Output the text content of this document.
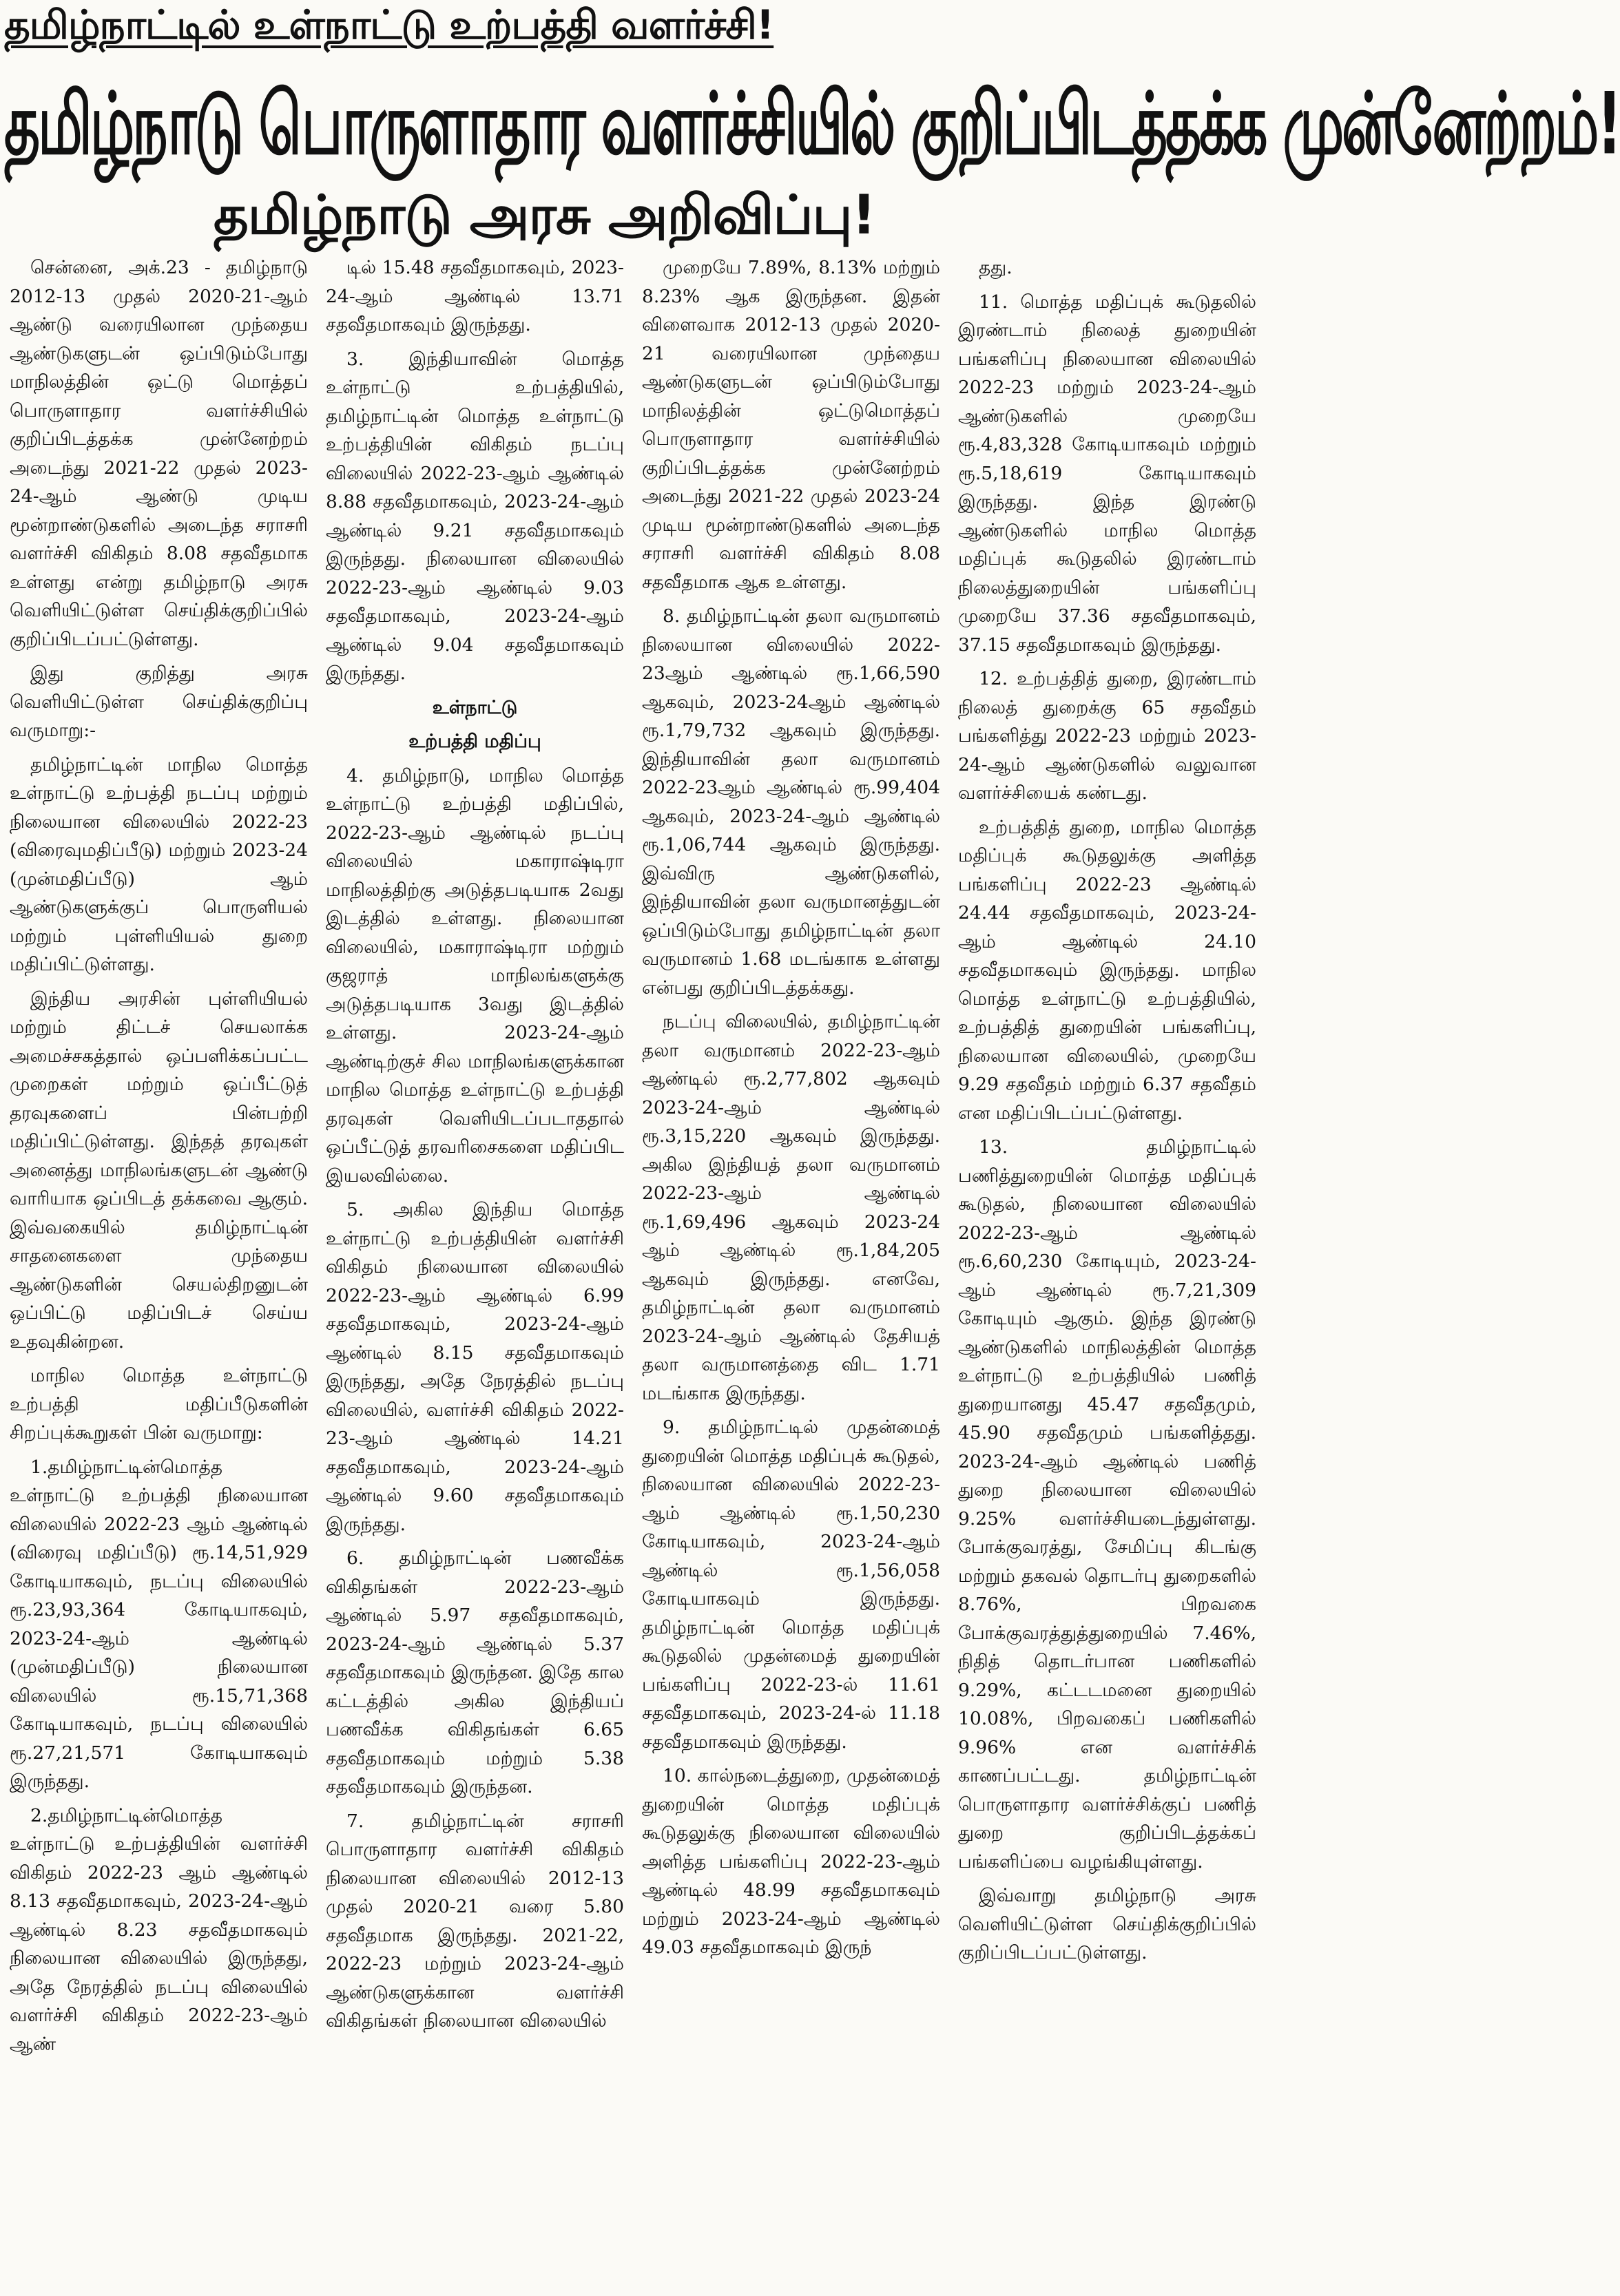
தமிழ்நாட்டில் உள்நாட்டு உற்பத்தி வளர்ச்சி!
தமிழ்நாடு பொருளாதார வளர்ச்சியில் குறிப்பிடத்தக்க முன்னேற்றம்!
தமிழ்நாடு அரசு அறிவிப்பு!

சென்னை, அக்.23 - தமிழ்நாடு 2012-13 முதல் 2020-21-ஆம் ஆண்டு வரையிலான முந்தைய ஆண்டுகளுடன் ஒப்பிடும்போது மாநிலத்தின் ஒட்டு மொத்தப் பொருளாதார வளர்ச்சியில் குறிப்பிடத்தக்க முன்னேற்றம் அடைந்து 2021-22 முதல் 2023-24-ஆம் ஆண்டு முடிய மூன்றாண்டுகளில் அடைந்த சராசரி வளர்ச்சி விகிதம் 8.08 சதவீதமாக உள்ளது என்று தமிழ்நாடு அரசு வெளியிட்டுள்ள செய்திக்குறிப்பில் குறிப்பிடப்பட்டுள்ளது.

இது குறித்து அரசு வெளியிட்டுள்ள செய்திக்குறிப்பு வருமாறு:-

தமிழ்நாட்டின் மாநில மொத்த உள்நாட்டு உற்பத்தி நடப்பு மற்றும் நிலையான விலையில் 2022-23 (விரைவுமதிப்பீடு) மற்றும் 2023-24 (முன்மதிப்பீடு) ஆம் ஆண்டுகளுக்குப் பொருளியல் மற்றும் புள்ளியியல் துறை மதிப்பிட்டுள்ளது.

இந்திய அரசின் புள்ளியியல் மற்றும் திட்டச் செயலாக்க அமைச்சகத்தால் ஒப்பளிக்கப்பட்ட முறைகள் மற்றும் ஒப்பீட்டுத் தரவுகளைப் பின்பற்றி மதிப்பிட்டுள்ளது. இந்தத் தரவுகள் அனைத்து மாநிலங்களுடன் ஆண்டு வாரியாக ஒப்பிடத் தக்கவை ஆகும். இவ்வகையில் தமிழ்நாட்டின் சாதனைகளை முந்தைய ஆண்டுகளின் செயல்திறனுடன் ஒப்பிட்டு மதிப்பிடச் செய்ய உதவுகின்றன.

மாநில மொத்த உள்நாட்டு உற்பத்தி மதிப்பீடுகளின் சிறப்புக்கூறுகள் பின் வருமாறு:

1.தமிழ்நாட்டின்மொத்த உள்நாட்டு உற்பத்தி நிலையான விலையில் 2022-23 ஆம் ஆண்டில் (விரைவு மதிப்பீடு) ரூ.14,51,929 கோடியாகவும், நடப்பு விலையில் ரூ.23,93,364 கோடியாகவும், 2023-24-ஆம் ஆண்டில் (முன்மதிப்பீடு) நிலையான விலையில் ரூ.15,71,368 கோடியாகவும், நடப்பு விலையில் ரூ.27,21,571 கோடியாகவும் இருந்தது.

2.தமிழ்நாட்டின்மொத்த உள்நாட்டு உற்பத்தியின் வளர்ச்சி விகிதம் 2022-23 ஆம் ஆண்டில் 8.13 சதவீதமாகவும், 2023-24-ஆம் ஆண்டில் 8.23 சதவீதமாகவும் நிலையான விலையில் இருந்தது, அதே நேரத்தில் நடப்பு விலையில் வளர்ச்சி விகிதம் 2022-23-ஆம் ஆண்

டில் 15.48 சதவீதமாகவும், 2023-24-ஆம் ஆண்டில் 13.71 சதவீதமாகவும் இருந்தது.

3. இந்தியாவின் மொத்த உள்நாட்டு உற்பத்தியில், தமிழ்நாட்டின் மொத்த உள்நாட்டு உற்பத்தியின் விகிதம் நடப்பு விலையில் 2022-23-ஆம் ஆண்டில் 8.88 சதவீதமாகவும், 2023-24-ஆம் ஆண்டில் 9.21 சதவீதமாகவும் இருந்தது. நிலையான விலையில் 2022-23-ஆம் ஆண்டில் 9.03 சதவீதமாகவும், 2023-24-ஆம் ஆண்டில் 9.04 சதவீதமாகவும் இருந்தது.

உள்நாட்டு

உற்பத்தி மதிப்பு

4. தமிழ்நாடு, மாநில மொத்த உள்நாட்டு உற்பத்தி மதிப்பில், 2022-23-ஆம் ஆண்டில் நடப்பு விலையில் மகாராஷ்டிரா மாநிலத்திற்கு அடுத்தபடியாக 2வது இடத்தில் உள்ளது. நிலையான விலையில், மகாராஷ்டிரா மற்றும் குஜராத் மாநிலங்களுக்கு அடுத்தபடியாக 3வது இடத்தில் உள்ளது. 2023-24-ஆம் ஆண்டிற்குச் சில மாநிலங்களுக்கான மாநில மொத்த உள்நாட்டு உற்பத்தி தரவுகள் வெளியிடப்படாததால் ஒப்பீட்டுத் தரவரிசைகளை மதிப்பிட இயலவில்லை.

5. அகில இந்திய மொத்த உள்நாட்டு உற்பத்தியின் வளர்ச்சி விகிதம் நிலையான விலையில் 2022-23-ஆம் ஆண்டில் 6.99 சதவீதமாகவும், 2023-24-ஆம் ஆண்டில் 8.15 சதவீதமாகவும் இருந்தது, அதே நேரத்தில் நடப்பு விலையில், வளர்ச்சி விகிதம் 2022-23-ஆம் ஆண்டில் 14.21 சதவீதமாகவும், 2023-24-ஆம் ஆண்டில் 9.60 சதவீதமாகவும் இருந்தது.

6. தமிழ்நாட்டின் பணவீக்க விகிதங்கள் 2022-23-ஆம் ஆண்டில் 5.97 சதவீதமாகவும், 2023-24-ஆம் ஆண்டில் 5.37 சதவீதமாகவும் இருந்தன. இதே கால கட்டத்தில் அகில இந்தியப் பணவீக்க விகிதங்கள் 6.65 சதவீதமாகவும் மற்றும் 5.38 சதவீதமாகவும் இருந்தன.

7. தமிழ்நாட்டின் சராசரி பொருளாதார வளர்ச்சி விகிதம் நிலையான விலையில் 2012-13 முதல் 2020-21 வரை 5.80 சதவீதமாக இருந்தது. 2021-22, 2022-23 மற்றும் 2023-24-ஆம் ஆண்டுகளுக்கான வளர்ச்சி விகிதங்கள் நிலையான விலையில்

முறையே 7.89%, 8.13% மற்றும் 8.23% ஆக இருந்தன. இதன் விளைவாக 2012-13 முதல் 2020-21 வரையிலான முந்தைய ஆண்டுகளுடன் ஒப்பிடும்போது மாநிலத்தின் ஒட்டுமொத்தப் பொருளாதார வளர்ச்சியில் குறிப்பிடத்தக்க முன்னேற்றம் அடைந்து 2021-22 முதல் 2023-24 முடிய மூன்றாண்டுகளில் அடைந்த சராசரி வளர்ச்சி விகிதம் 8.08 சதவீதமாக ஆக உள்ளது.

8. தமிழ்நாட்டின் தலா வருமானம் நிலையான விலையில் 2022-23ஆம் ஆண்டில் ரூ.1,66,590 ஆகவும், 2023-24ஆம் ஆண்டில் ரூ.1,79,732 ஆகவும் இருந்தது. இந்தியாவின் தலா வருமானம் 2022-23ஆம் ஆண்டில் ரூ.99,404 ஆகவும், 2023-24-ஆம் ஆண்டில் ரூ.1,06,744 ஆகவும் இருந்தது. இவ்விரு ஆண்டுகளில், இந்தியாவின் தலா வருமானத்துடன் ஒப்பிடும்போது தமிழ்நாட்டின் தலா வருமானம் 1.68 மடங்காக உள்ளது என்பது குறிப்பிடத்தக்கது.

நடப்பு விலையில், தமிழ்நாட்டின் தலா வருமானம் 2022-23-ஆம் ஆண்டில் ரூ.2,77,802 ஆகவும் 2023-24-ஆம் ஆண்டில் ரூ.3,15,220 ஆகவும் இருந்தது. அகில இந்தியத் தலா வருமானம் 2022-23-ஆம் ஆண்டில் ரூ.1,69,496 ஆகவும் 2023-24 ஆம் ஆண்டில் ரூ.1,84,205 ஆகவும் இருந்தது. எனவே, தமிழ்நாட்டின் தலா வருமானம் 2023-24-ஆம் ஆண்டில் தேசியத் தலா வருமானத்தை விட 1.71 மடங்காக இருந்தது.

9. தமிழ்நாட்டில் முதன்மைத் துறையின் மொத்த மதிப்புக் கூடுதல், நிலையான விலையில் 2022-23-ஆம் ஆண்டில் ரூ.1,50,230 கோடியாகவும், 2023-24-ஆம் ஆண்டில் ரூ.1,56,058 கோடியாகவும் இருந்தது. தமிழ்நாட்டின் மொத்த மதிப்புக் கூடுதலில் முதன்மைத் துறையின் பங்களிப்பு 2022-23-ல் 11.61 சதவீதமாகவும், 2023-24-ல் 11.18 சதவீதமாகவும் இருந்தது.

10. கால்நடைத்துறை, முதன்மைத் துறையின் மொத்த மதிப்புக் கூடுதலுக்கு நிலையான விலையில் அளித்த பங்களிப்பு 2022-23-ஆம் ஆண்டில் 48.99 சதவீதமாகவும் மற்றும் 2023-24-ஆம் ஆண்டில் 49.03 சதவீதமாகவும் இருந்

தது.

11. மொத்த மதிப்புக் கூடுதலில் இரண்டாம் நிலைத் துறையின் பங்களிப்பு நிலையான விலையில் 2022-23 மற்றும் 2023-24-ஆம் ஆண்டுகளில் முறையே ரூ.4,83,328 கோடியாகவும் மற்றும் ரூ.5,18,619 கோடியாகவும் இருந்தது. இந்த இரண்டு ஆண்டுகளில் மாநில மொத்த மதிப்புக் கூடுதலில் இரண்டாம் நிலைத்துறையின் பங்களிப்பு முறையே 37.36 சதவீதமாகவும், 37.15 சதவீதமாகவும் இருந்தது.

12. உற்பத்தித் துறை, இரண்டாம் நிலைத் துறைக்கு 65 சதவீதம் பங்களித்து 2022-23 மற்றும் 2023-24-ஆம் ஆண்டுகளில் வலுவான வளர்ச்சியைக் கண்டது.

உற்பத்தித் துறை, மாநில மொத்த மதிப்புக் கூடுதலுக்கு அளித்த பங்களிப்பு 2022-23 ஆண்டில் 24.44 சதவீதமாகவும், 2023-24-ஆம் ஆண்டில் 24.10 சதவீதமாகவும் இருந்தது. மாநில மொத்த உள்நாட்டு உற்பத்தியில், உற்பத்தித் துறையின் பங்களிப்பு, நிலையான விலையில், முறையே 9.29 சதவீதம் மற்றும் 6.37 சதவீதம் என மதிப்பிடப்பட்டுள்ளது.

13. தமிழ்நாட்டில் பணித்துறையின் மொத்த மதிப்புக் கூடுதல், நிலையான விலையில் 2022-23-ஆம் ஆண்டில் ரூ.6,60,230 கோடியும், 2023-24-ஆம் ஆண்டில் ரூ.7,21,309 கோடியும் ஆகும். இந்த இரண்டு ஆண்டுகளில் மாநிலத்தின் மொத்த உள்நாட்டு உற்பத்தியில் பணித் துறையானது 45.47 சதவீதமும், 45.90 சதவீதமும் பங்களித்தது. 2023-24-ஆம் ஆண்டில் பணித் துறை நிலையான விலையில் 9.25% வளர்ச்சியடைந்துள்ளது. போக்குவரத்து, சேமிப்பு கிடங்கு மற்றும் தகவல் தொடர்பு துறைகளில் 8.76%, பிறவகை போக்குவரத்துத்துறையில் 7.46%, நிதித் தொடர்பான பணிகளில் 9.29%, கட்டடமனை துறையில் 10.08%, பிறவகைப் பணிகளில் 9.96% என வளர்ச்சிக் காணப்பட்டது. தமிழ்நாட்டின் பொருளாதார வளர்ச்சிக்குப் பணித் துறை குறிப்பிடத்தக்கப் பங்களிப்பை வழங்கியுள்ளது.

இவ்வாறு தமிழ்நாடு அரசு வெளியிட்டுள்ள செய்திக்குறிப்பில் குறிப்பிடப்பட்டுள்ளது.
